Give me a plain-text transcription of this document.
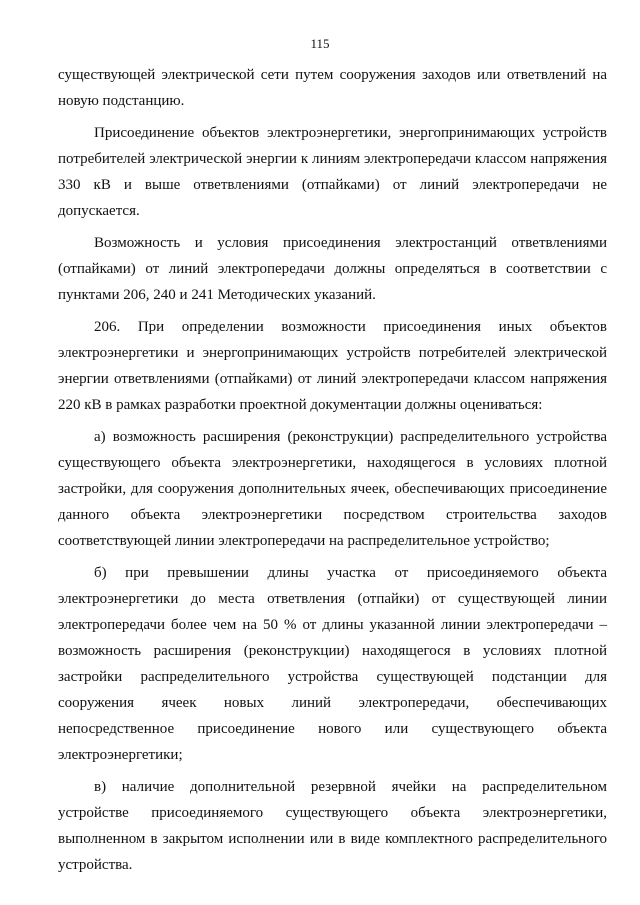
115

существующей электрической сети путем сооружения заходов или ответвлений на новую подстанцию.

Присоединение объектов электроэнергетики, энергопринимающих устройств потребителей электрической энергии к линиям электропередачи классом напряжения 330 кВ и выше ответвлениями (отпайками) от линий электропередачи не допускается.

Возможность и условия присоединения электростанций ответвлениями (отпайками) от линий электропередачи должны определяться в соответствии с пунктами 206, 240 и 241 Методических указаний.

206. При определении возможности присоединения иных объектов электроэнергетики и энергопринимающих устройств потребителей электрической энергии ответвлениями (отпайками) от линий электропередачи классом напряжения 220 кВ в рамках разработки проектной документации должны оцениваться:

а) возможность расширения (реконструкции) распределительного устройства существующего объекта электроэнергетики, находящегося в условиях плотной застройки, для сооружения дополнительных ячеек, обеспечивающих присоединение данного объекта электроэнергетики посредством строительства заходов соответствующей линии электропередачи на распределительное устройство;

б) при превышении длины участка от присоединяемого объекта электроэнергетики до места ответвления (отпайки) от существующей линии электропередачи более чем на 50 % от длины указанной линии электропередачи – возможность расширения (реконструкции) находящегося в условиях плотной застройки распределительного устройства существующей подстанции для сооружения ячеек новых линий электропередачи, обеспечивающих непосредственное присоединение нового или существующего объекта электроэнергетики;

в) наличие дополнительной резервной ячейки на распределительном устройстве присоединяемого существующего объекта электроэнергетики, выполненном в закрытом исполнении или в виде комплектного распределительного устройства.
